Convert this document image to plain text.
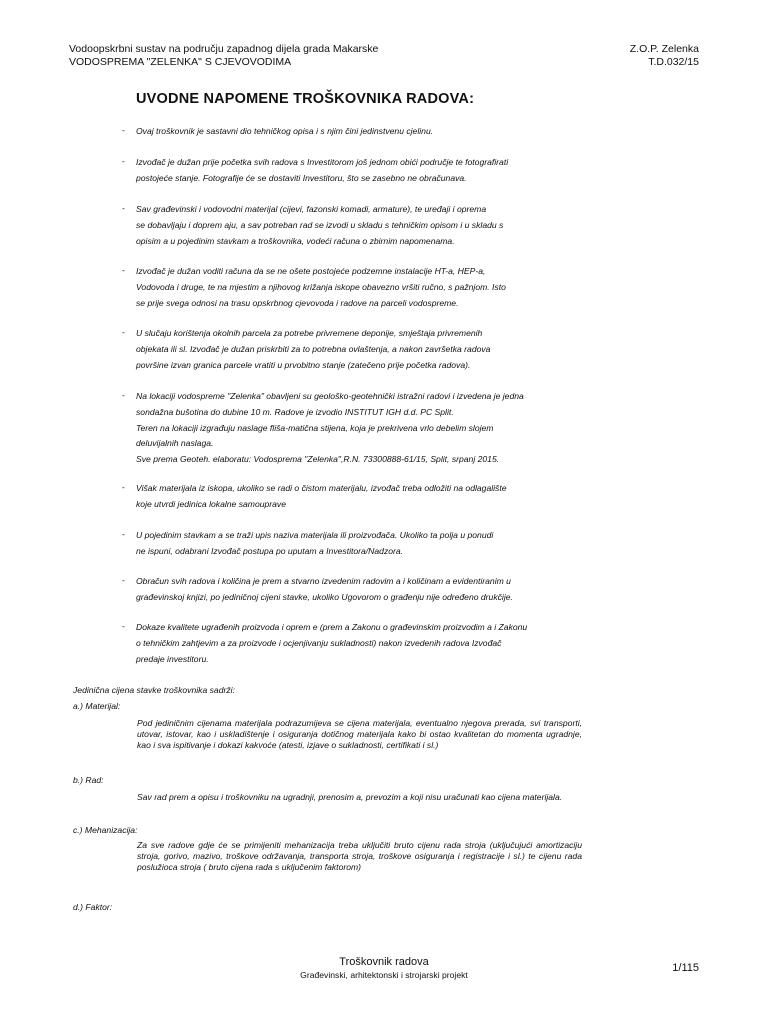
Vodoopskrbni sustav na području zapadnog dijela grada Makarske
VODOSPREMA "ZELENKA" S CJEVOVODIMA
Z.O.P. Zelenka
T.D.032/15
UVODNE NAPOMENE TROŠKOVNIKA RADOVA:
- Ovaj troškovnik je sastavni dio tehničkog opisa i s njim čini jedinstvenu cjelinu.
- Izvođač je dužan prije početka svih radova s Investitorom još jednom obići područje te fotografirati
postojeće stanje. Fotografije će se dostaviti Investitoru, što se zasebno ne obračunava.
- Sav građevinski i vodovodni materijal (cijevi, fazonski komadi, armature), te uređaji i oprema
se dobavljaju i doprem aju, a sav potreban rad se izvodi u skladu s tehničkim opisom i u skladu s
opisim a u pojedinim stavkam a troškovnika, vodeći računa o zbirnim napomenama.
- Izvođač je dužan voditi računa da se ne ošete postojeće podzemne instalacije HT-a, HEP-a,
Vodovoda i druge, te na mjestim a njihovog križanja iskope obavezno vršiti ručno, s pažnjom. Isto
se prije svega odnosi na trasu opskrbnog cjevovoda i radove na parceli vodospreme.
- U slučaju korištenja okolnih parcela za potrebe privremene deponije, smještaja privremenih
objekata ili sl. Izvođač je dužan priskrbiti za to potrebna ovlaštenja, a nakon završetka radova
površine izvan granica parcele vratiti u prvobitno stanje (zatečeno prije početka radova).
- Na lokaciji vodospreme "Zelenka" obavljeni su geološko-geotehnički istražni radovi i izvedena je jedna
sondažna bušotina do dubine 10 m. Radove je izvodio INSTITUT IGH d.d. PC Split.
Teren na lokaciji izgrađuju naslage fliša-matična stijena, koja je prekrivena vrlo debelim slojem
deluvijalnih naslaga.
Sve prema Geoteh. elaboratu: Vodosprema "Zelenka",R.N. 73300888-61/15, Split, srpanj 2015.
- Višak materijala iz iskopa, ukoliko se radi o čistom materijalu, izvođač treba odložiti na odlagalište
koje utvrdi jedinica lokalne samouprave
- U pojedinim stavkam a se traži upis naziva materijala ili proizvođača. Ukoliko ta polja u ponudi
ne ispuni, odabrani Izvođač postupa po uputam a Investitora/Nadzora.
- Obračun svih radova i količina je prem a stvarno izvedenim radovim a i količinam a evidentiranim u
građevinskoj knjizi, po jediničnoj cijeni stavke, ukoliko Ugovorom o građenju nije određeno drukčije.
- Dokaze kvalitete ugrađenih proizvoda i oprem e (prem a Zakonu o građevinskim proizvodim a i Zakonu
o tehničkim zahtjevim a za proizvode i ocjenjivanju sukladnosti) nakon izvedenih radova Izvođač
predaje investitoru.
Jedinična cijena stavke troškovnika sadrži:
a.) Materijal:
Pod jediničnim cijenama materijala podrazumijeva se cijena materijala, eventualno njegova prerada, svi transporti, utovar, istovar, kao i uskladištenje i osiguranja dotičnog materijala kako bi ostao kvalitetan do momenta ugradnje, kao i sva ispitivanje i dokazi kakvoće (atesti, izjave o sukladnosti, certifikati i sl.)
b.) Rad:
Sav rad prem a opisu i troškovniku na ugradnji, prenosim a, prevozim a koji nisu uračunati kao cijena materijala.
c.) Mehanizacija:
Za sve radove gdje će se primijeniti mehanizacija treba uključiti bruto cijenu rada stroja (uključujući amortizaciju stroja, gorivo, mazivo, troškove održavanja, transporta stroja, troškove osiguranja i registracije i sl.) te cijenu rada poslužioca stroja ( bruto cijena rada s uključenim faktorom)
d.) Faktor:
Troškovnik radova
Građevinski, arhitektonski i strojarski projekt
1/115
